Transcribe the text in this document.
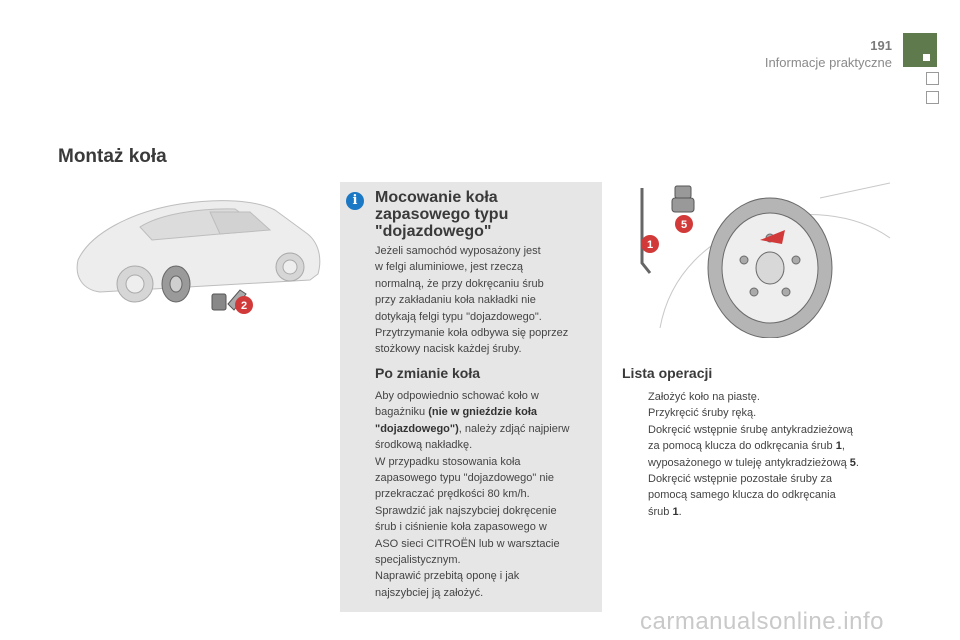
191
Informacje praktyczne
Montaż koła
2
i	Mocowanie koła
zapasowego typu
"dojazdowego"
Jeżeli samochód wyposażony jest
w felgi aluminiowe, jest rzeczą
normalną, że przy dokręcaniu śrub
przy zakładaniu koła nakładki nie
dotykają felgi typu "dojazdowego".
Przytrzymanie koła odbywa się poprzez
stożkowy nacisk każdej śruby.
Po zmianie koła
Aby odpowiednio schować koło w
bagażniku (nie w gnieździe koła
"dojazdowego"), należy zdjąć najpierw
środkową nakładkę.
W przypadku stosowania koła
zapasowego typu "dojazdowego" nie
przekraczać prędkości 80 km/h.
Sprawdzić jak najszybciej dokręcenie
śrub i ciśnienie koła zapasowego w
ASO sieci CITROËN lub w warsztacie
specjalistycznym.
Naprawić przebitą oponę i jak
najszybciej ją założyć.
1
5
Lista operacji
Założyć koło na piastę.
Przykręcić śruby ręką.
Dokręcić wstępnie śrubę antykradzieżową
za pomocą klucza do odkręcania śrub 1,
wyposażonego w tuleję antykradzieżową 5.
Dokręcić wstępnie pozostałe śruby za
pomocą samego klucza do odkręcania
śrub 1.
carmanualsonline.info
